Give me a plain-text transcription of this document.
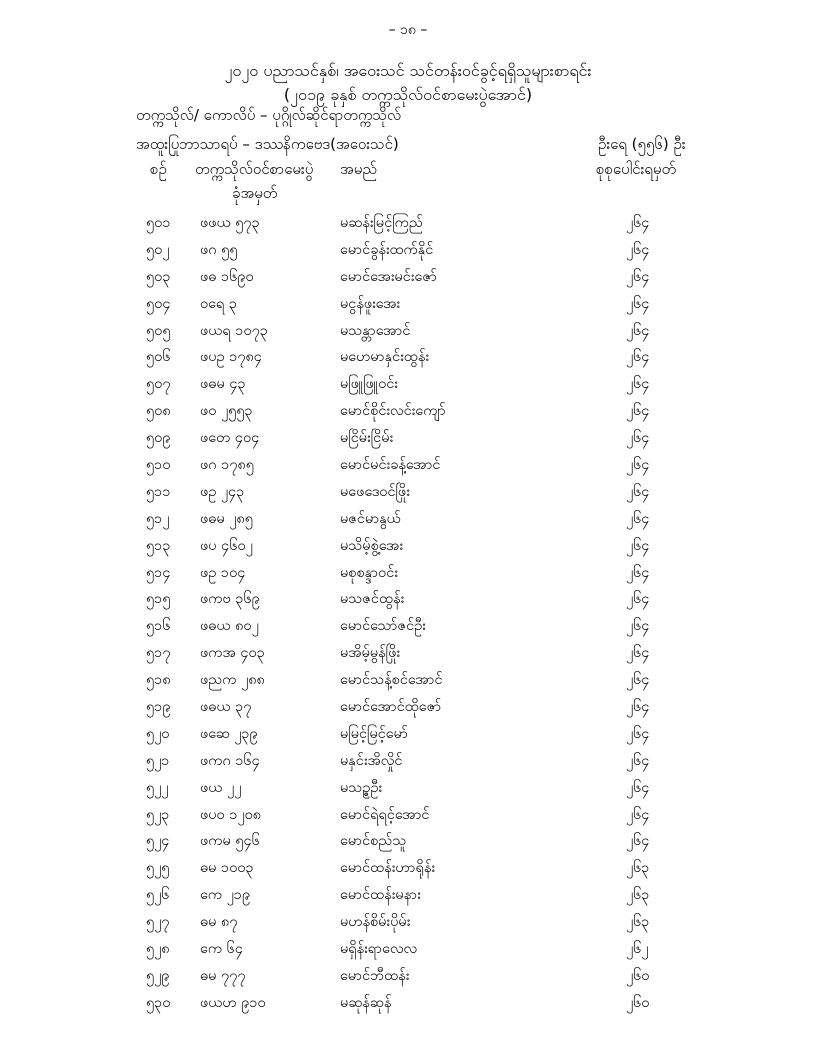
– ၁၈ –
၂၀၂၀ ပညာသင်နှစ်၊ အဝေးသင် သင်တန်းဝင်ခွင့်ရရှိသူများစာရင်း
(၂၀၁၉ ခုနှစ် တက္ကသိုလ်ဝင်စာမေးပွဲအောင်)
တက္ကသိုလ်/ ကောလိပ် – ပုဂ္ဂိုလ်ဆိုင်ရာတက္ကသိုလ်
အထူးပြုဘာသာရပ် – ဒဿနိကဗေဒ(အဝေးသင်)	ဦးရေ (၅၅၆) ဦး
စဉ် တက္ကသိုလ်ဝင်စာမေးပွဲ
ခုံအမှတ်
အမည်	စုစုပေါင်းရမှတ်
၅၀၁ ဖဖယ ၅၇၃	မဆန်းမြင့်ကြည်	၂၆၄
၅၀၂ ဖဂ ၅၅	မောင်ခွန်းထက်နိုင်	၂၆၄
၅၀၃ ဖဓ ၁၆၉၀	မောင်အေးမင်းဇော်	၂၆၄
၅၀၄ ဝရေ ၃	မငွန်ဖူးအေး	၂၆၄
၅၀၅ ဖယရ ၁၀၇၃	မသန္တာအောင်	၂၆၄
၅၀၆ ဖပဥ ၁၇၈၄	မဟေမာနှင်းထွန်း	၂၆၄
၅၀၇ ဖဓမ ၄၃	မဖြူဖြူဝင်း	၂၆၄
၅၀၈ ဖဝ ၂၅၅၃	မောင်စိုင်းလင်းကျော်	၂၆၄
၅၀၉ ဖတေ ၄၀၄	မငြိမ်းငြိမ်း	၂၆၄
၅၁၀ ဖဂ ၁၇၈၅	မောင်မင်းခန့်အောင်	၂၆၄
၅၁၁ ဖဥ ၂၄၃	မဖေ‌ဒေဝင်ဖြိုး	၂၆၄
၅၁၂ ဖဓမ ၂၈၅	မဇင်မာနွယ်	၂၆၄
၅၁၃ ဖပ ၄၆၀၂	မသိမ့်စွဲ့အေး	၂၆၄
၅၁၄ ဖဥ ၁၀၄	မစုစန္ဒာဝင်း	၂၆၄
၅၁၅ ဖကဗ ၃၆၉	မသဇင်ထွန်း	၂၆၄
၅၁၆ ဖဓယ ၈၀၂	မောင်သော်ဇင်ဦး	၂၆၄
၅၁၇ ဖကအ ၄၀၃	မအိမ့်မွန်ဖြိုး	၂၆၄
၅၁၈ ဖညက ၂၈၈	မောင်သန့်စင်အောင်	၂၆၄
၅၁၉ ဖဓယ ၃၇	မောင်အောင်ထိုဇော်	၂၆၄
၅၂၀ ဖဆေ ၂၃၉	မမြင့်မြင့်မော်	၂၆၄
၅၂၁ ဖကဂ ၁၆၄	မနှင်းအိလှိုင်	၂၆၄
၅၂၂ ဖယ ၂၂	မသဥ္စဦး	၂၆၄
၅၂၃ ဖပ၀ ၁၂၀၈	မောင်ရဲရင့်အောင်	၂၆၄
၅၂၄ ဖကမ ၅၄၆	မောင်စည်သူ	၂၆၄
၅၂၅ ဓမ ၁၀၀၃	မောင်ထန်းဟာရိုန်း	၂၆၃
၅၂၆ ကေ ၂၁၉	မောင်ထန်းမနား	၂၆၃
၅၂၇ ဓမ ၈၇	မဟန်စိမ်းပိုမ်း	၂၆၃
၅၂၈ ကေ ၆၄	မရှိန်းရာလေလ	၂၆၂
၅၂၉ ဓမ ၇၇၇	မောင်ဘီထန်း	၂၆၀
၅၃၀ ဖယဟ ၉၁၀	မဆုန်ဆုန်	၂၆၀
